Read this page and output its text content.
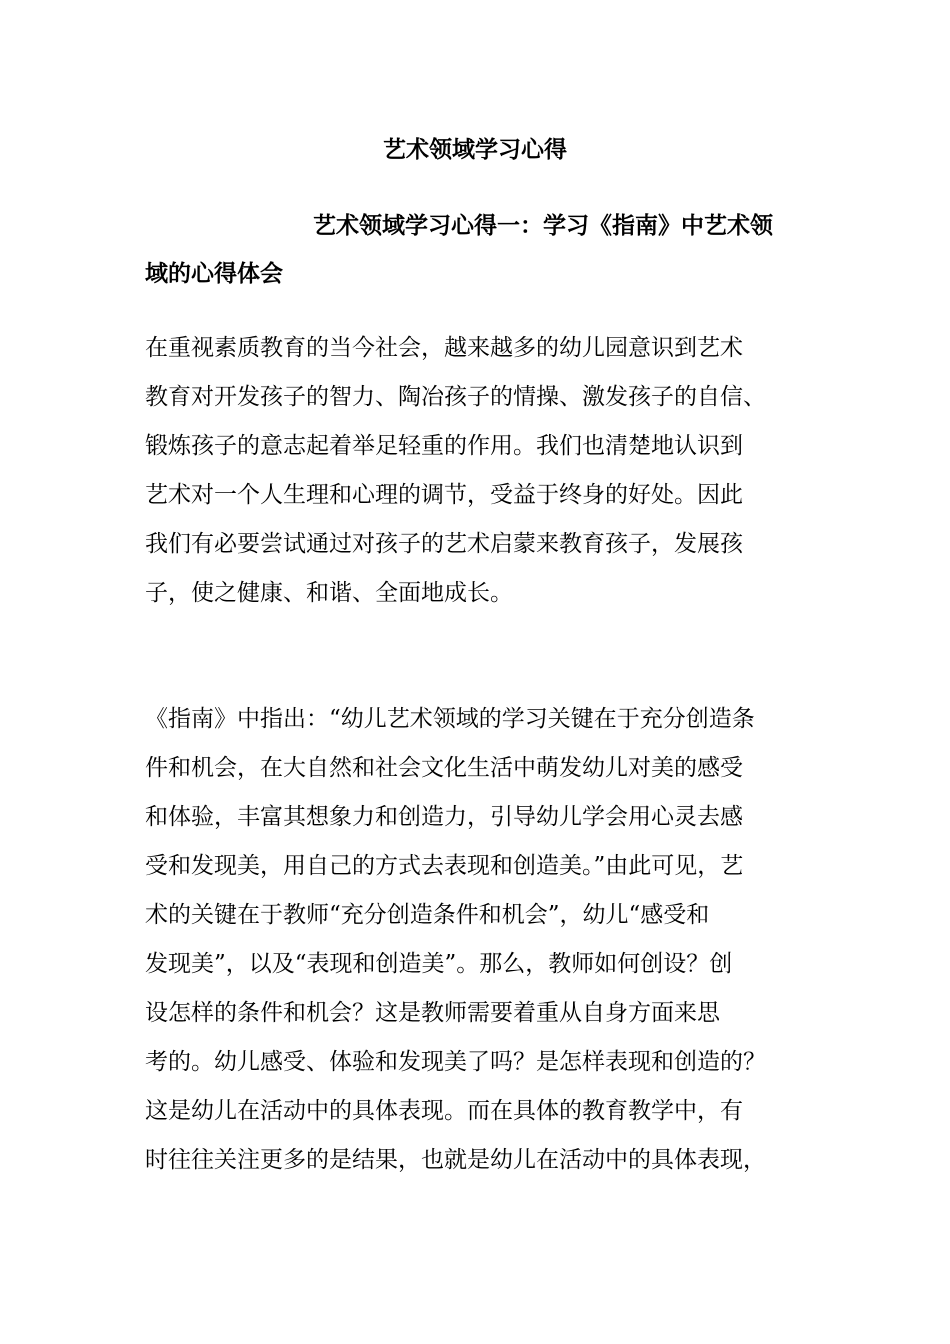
艺术领域学习心得
艺术领域学习心得一：学习《指南》中艺术领
域的心得体会

在重视素质教育的当今社会，越来越多的幼儿园意识到艺术
教育对开发孩子的智力、陶冶孩子的情操、激发孩子的自信、
锻炼孩子的意志起着举足轻重的作用。我们也清楚地认识到
艺术对一个人生理和心理的调节，受益于终身的好处。因此
我们有必要尝试通过对孩子的艺术启蒙来教育孩子，发展孩
子，使之健康、和谐、全面地成长。

《指南》中指出：“幼儿艺术领域的学习关键在于充分创造条
件和机会，在大自然和社会文化生活中萌发幼儿对美的感受
和体验，丰富其想象力和创造力，引导幼儿学会用心灵去感
受和发现美，用自己的方式去表现和创造美。”由此可见，艺
术的关键在于教师“充分创造条件和机会”，幼儿“感受和
发现美”，以及“表现和创造美”。那么，教师如何创设？创
设怎样的条件和机会？这是教师需要着重从自身方面来思
考的。幼儿感受、体验和发现美了吗？是怎样表现和创造的？
这是幼儿在活动中的具体表现。而在具体的教育教学中，有
时往往关注更多的是结果，也就是幼儿在活动中的具体表现，
